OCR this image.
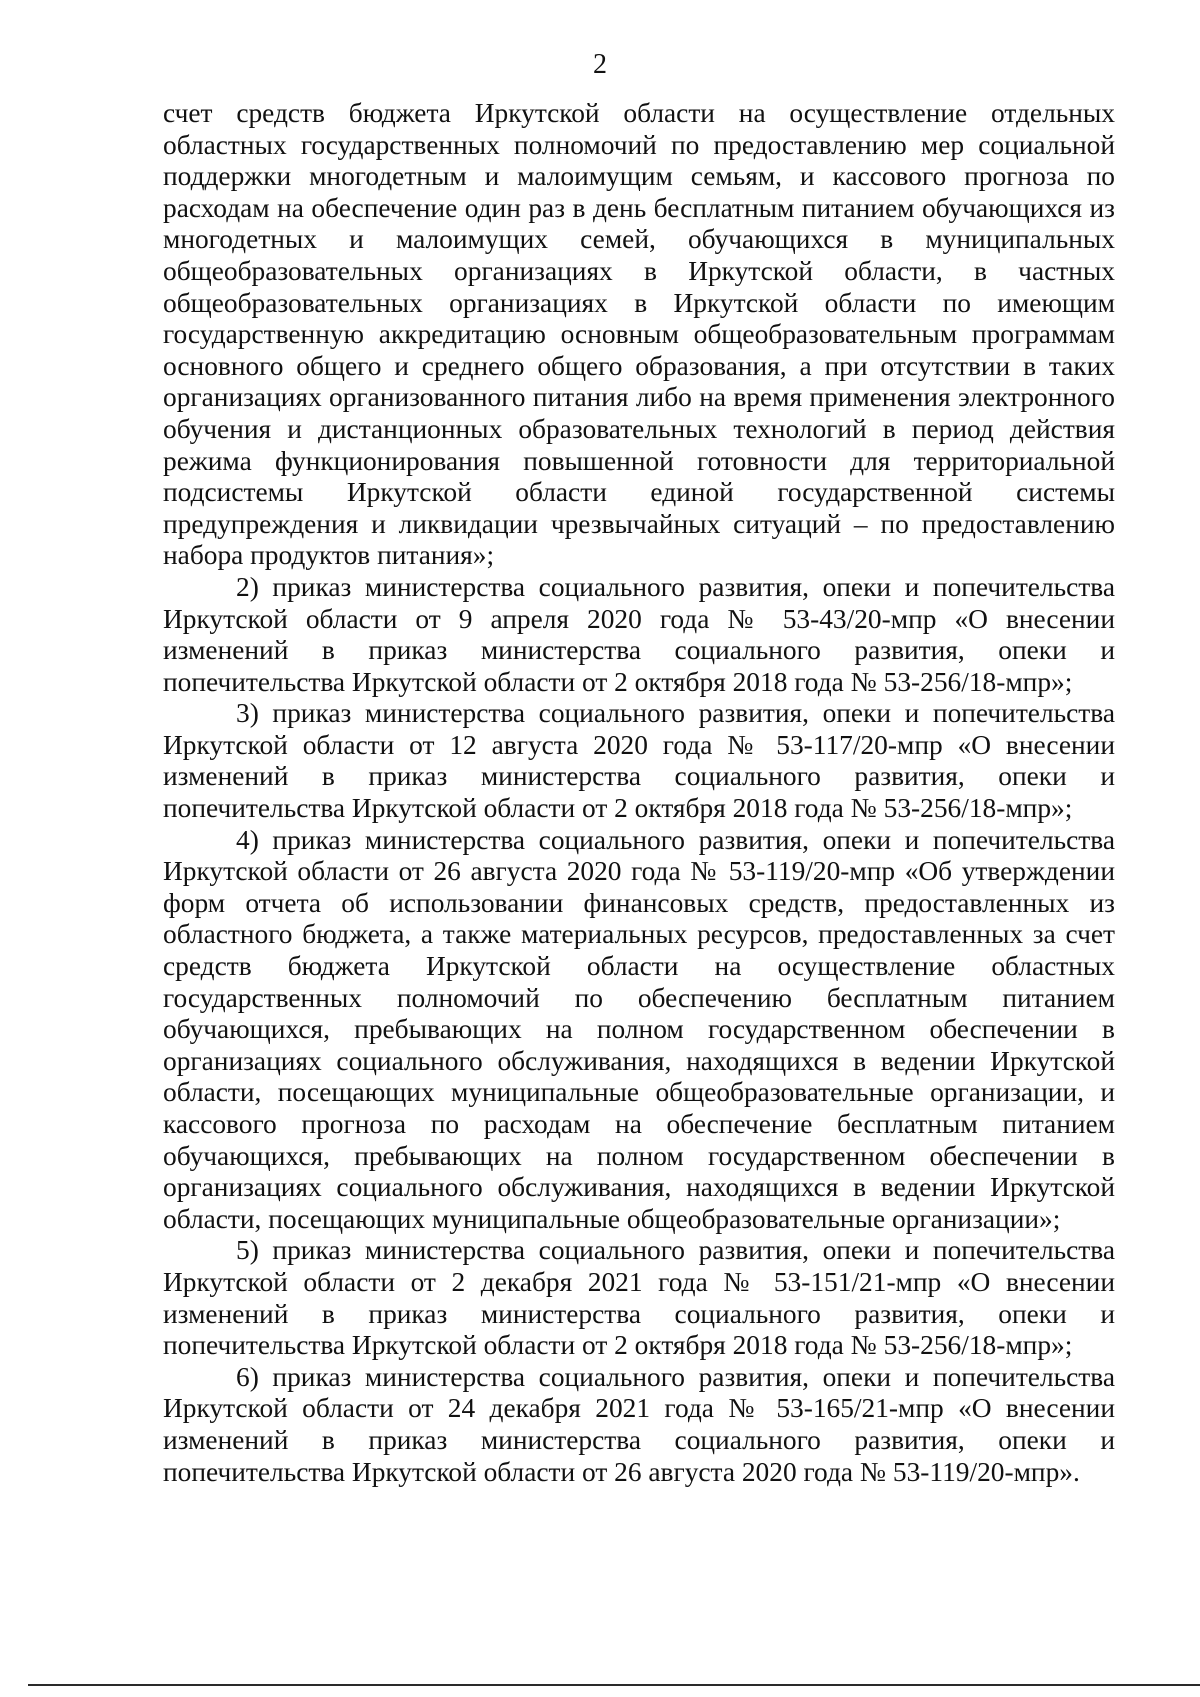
2

счет средств бюджета Иркутской области на осуществление отдельных областных государственных полномочий по предоставлению мер социальной поддержки многодетным и малоимущим семьям, и кассового прогноза по расходам на обеспечение один раз в день бесплатным питанием обучающихся из многодетных и малоимущих семей, обучающихся в муниципальных общеобразовательных организациях в Иркутской области, в частных общеобразовательных организациях в Иркутской области по имеющим государственную аккредитацию основным общеобразовательным программам основного общего и среднего общего образования, а при отсутствии в таких организациях организованного питания либо на время применения электронного обучения и дистанционных образовательных технологий в период действия режима функционирования повышенной готовности для территориальной подсистемы Иркутской области единой государственной системы предупреждения и ликвидации чрезвычайных ситуаций – по предоставлению набора продуктов питания»;

2) приказ министерства социального развития, опеки и попечительства Иркутской области от 9 апреля 2020 года № 53-43/20-мпр «О внесении изменений в приказ министерства социального развития, опеки и попечительства Иркутской области от 2 октября 2018 года № 53-256/18-мпр»;

3) приказ министерства социального развития, опеки и попечительства Иркутской области от 12 августа 2020 года № 53-117/20-мпр «О внесении изменений в приказ министерства социального развития, опеки и попечительства Иркутской области от 2 октября 2018 года № 53-256/18-мпр»;

4) приказ министерства социального развития, опеки и попечительства Иркутской области от 26 августа 2020 года № 53-119/20-мпр «Об утверждении форм отчета об использовании финансовых средств, предоставленных из областного бюджета, а также материальных ресурсов, предоставленных за счет средств бюджета Иркутской области на осуществление областных государственных полномочий по обеспечению бесплатным питанием обучающихся, пребывающих на полном государственном обеспечении в организациях социального обслуживания, находящихся в ведении Иркутской области, посещающих муниципальные общеобразовательные организации, и кассового прогноза по расходам на обеспечение бесплатным питанием обучающихся, пребывающих на полном государственном обеспечении в организациях социального обслуживания, находящихся в ведении Иркутской области, посещающих муниципальные общеобразовательные организации»;

5) приказ министерства социального развития, опеки и попечительства Иркутской области от 2 декабря 2021 года № 53-151/21-мпр «О внесении изменений в приказ министерства социального развития, опеки и попечительства Иркутской области от 2 октября 2018 года № 53-256/18-мпр»;

6) приказ министерства социального развития, опеки и попечительства Иркутской области от 24 декабря 2021 года № 53-165/21-мпр «О внесении изменений в приказ министерства социального развития, опеки и попечительства Иркутской области от 26 августа 2020 года № 53-119/20-мпр».
